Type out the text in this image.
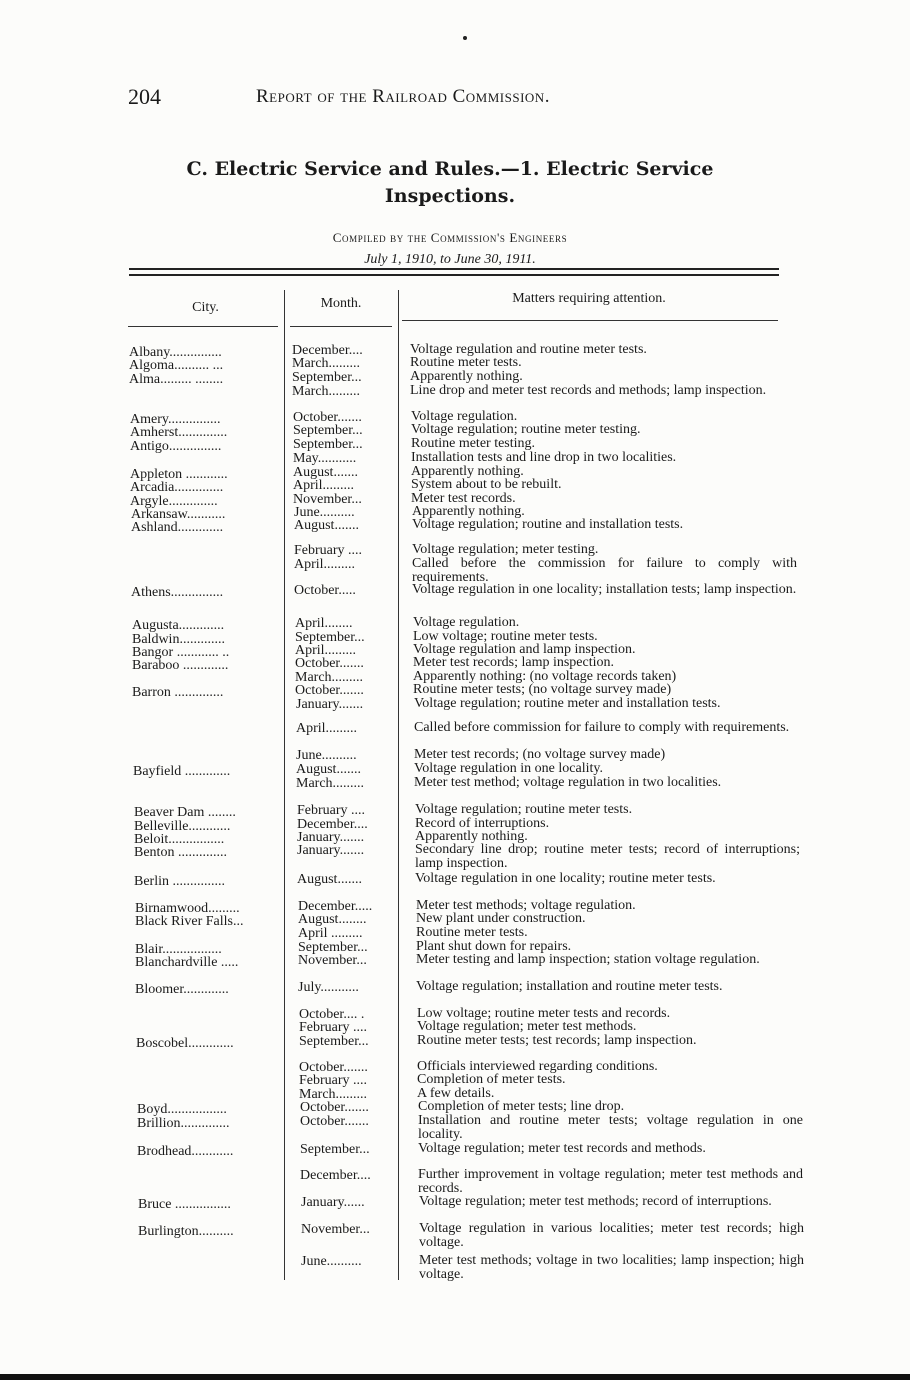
204	Report of the Railroad Commission.

C. Electric Service and Rules.—1. Electric Service

Inspections.

Compiled by the Commission's Engineers
July 1, 1910, to June 30, 1911.
City.	Month.	Matters requiring attention.
Albany...............	December....	Voltage regulation and routine meter tests.
Algoma.......... ...	March.........	Routine meter tests.
Alma......... ........	September...	Apparently nothing.
March.........	Line drop and meter test records and methods; lamp inspection.
Amery...............	October.......	Voltage regulation.
Amherst..............	September...	Voltage regulation; routine meter testing.
Antigo...............	September...	Routine meter testing.
May...........	Installation tests and line drop in two localities.
Appleton ............	August.......	Apparently nothing.
Arcadia..............	April.........	System about to be rebuilt.
Argyle..............	November...	Meter test records.
Arkansaw...........	June..........	Apparently nothing.
Ashland.............	August.......	Voltage regulation; routine and installation tests.
February ....	Voltage regulation; meter testing.
April.........	Called before the commission for failure to comply with requirements.
Athens...............	October.....	Voltage regulation in one locality; installation tests; lamp inspection.
Augusta.............	April........	Voltage regulation.
Baldwin.............	September...	Low voltage; routine meter tests.
Bangor ............ ..	April.........	Voltage regulation and lamp inspection.
Baraboo .............	October.......	Meter test records; lamp inspection.
March.........	Apparently nothing: (no voltage records taken)
Barron ..............	October.......	Routine meter tests; (no voltage survey made)
January.......	Voltage regulation; routine meter and installation tests.
April.........	Called before commission for failure to comply with requirements.
June..........	Meter test records; (no voltage survey made)
Bayfield .............	August.......	Voltage regulation in one locality.
March.........	Meter test method; voltage regulation in two localities.
Beaver Dam ........	February ....	Voltage regulation; routine meter tests.
Belleville............	December....	Record of interruptions.
Beloit................	January.......	Apparently nothing.
Benton ..............	January.......	Secondary line drop; routine meter tests; record of interruptions; lamp inspection.
Berlin ...............	August.......	Voltage regulation in one locality; routine meter tests.
Birnamwood.........	December.....	Meter test methods; voltage regulation.
Black River Falls...	August........	New plant under construction.
April .........	Routine meter tests.
Blair.................	September...	Plant shut down for repairs.
Blanchardville .....	November...	Meter testing and lamp inspection; station voltage regulation.
Bloomer.............	July...........	Voltage regulation; installation and routine meter tests.
October.... .	Low voltage; routine meter tests and records.
February ....	Voltage regulation; meter test methods.
Boscobel.............	September...	Routine meter tests; test records; lamp inspection.
October.......	Officials interviewed regarding conditions.
February ....	Completion of meter tests.
March.........	A few details.
Boyd.................	October.......	Completion of meter tests; line drop.
Brillion..............	October.......	Installation and routine meter tests; voltage regulation in one locality.
Brodhead............	September...	Voltage regulation; meter test records and methods.
December....	Further improvement in voltage regulation; meter test methods and records.
Bruce ................	January......	Voltage regulation; meter test methods; record of interruptions.
Burlington..........	November...	Voltage regulation in various localities; meter test records; high voltage.
June..........	Meter test methods; voltage in two localities; lamp inspection; high voltage.
